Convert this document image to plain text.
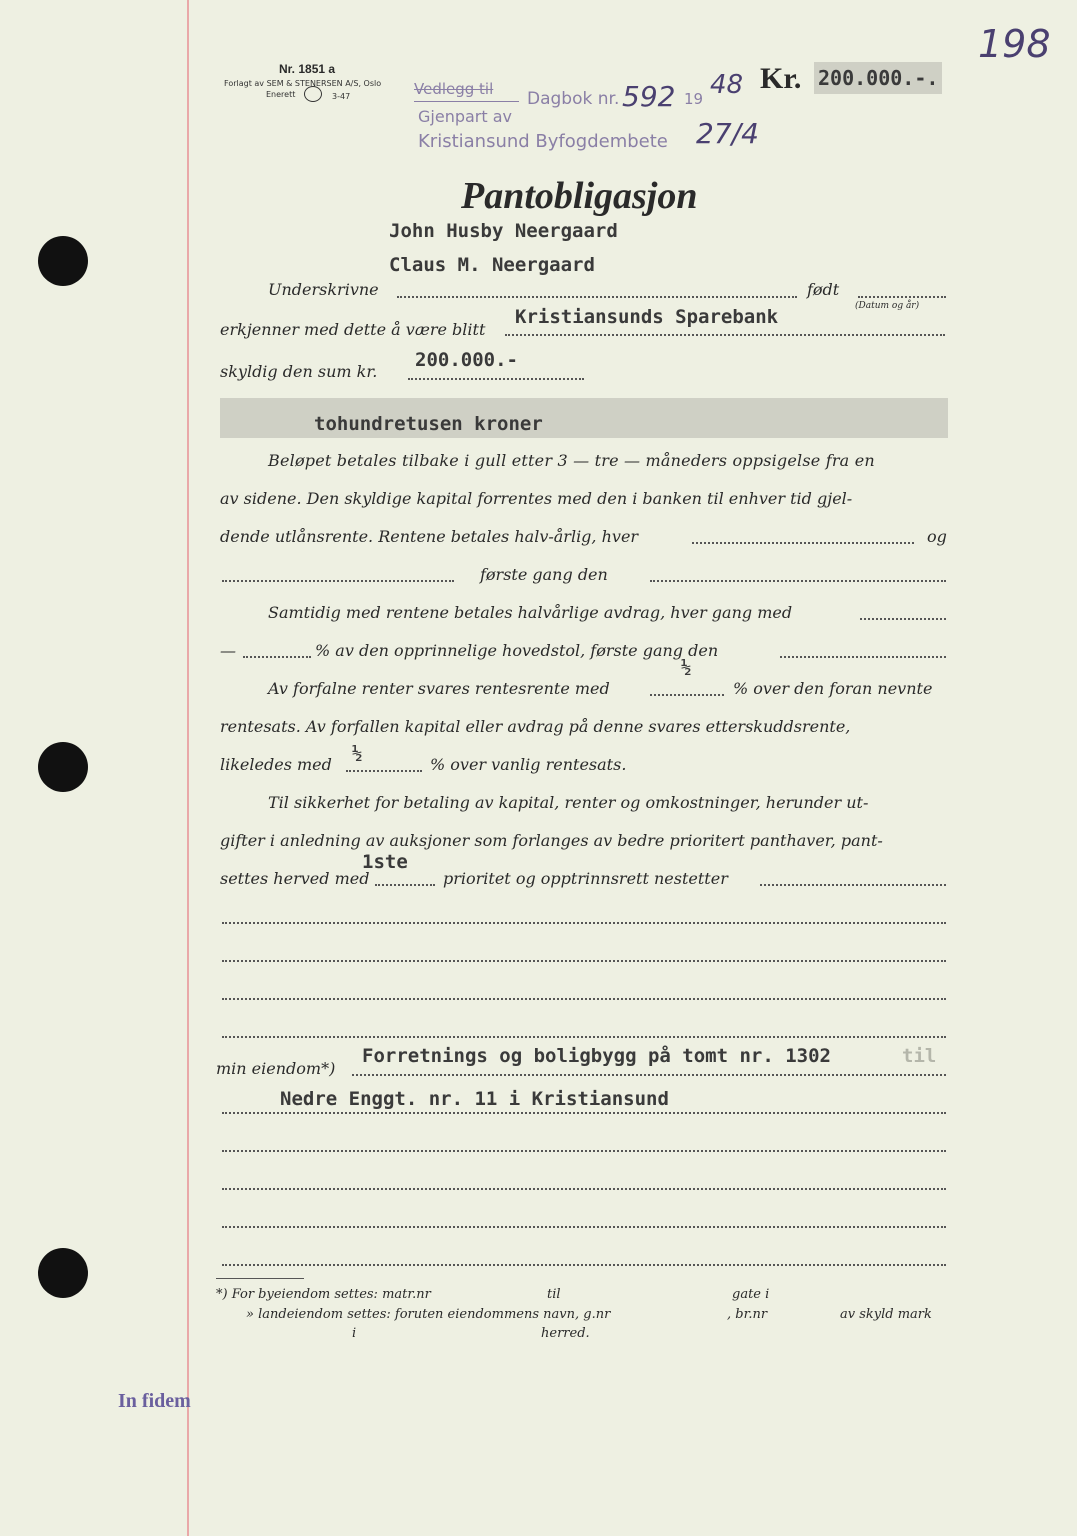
198
Nr. 1851 a
Forlagt av SEM & STENERSEN A/S, Oslo
Enerett	3-47	Vedlegg til Dagbok nr. 592 19 48
Gjenpart av
Kristiansund Byfogdembete 27/4
Kr. 200.000.-.
Pantobligasjon
John Husby Neergaard
Claus M. Neergaard
Underskrivne	født
(Datum og år)
erkjenner med dette å være blitt
Kristiansunds Sparebank
skyldig den sum kr.
200.000.-
tohundretusen kroner
Beløpet betales tilbake i gull etter 3 — tre — måneders oppsigelse fra en
av sidene. Den skyldige kapital forrentes med den i banken til enhver tid gjel-
dende utlånsrente. Rentene betales halv-årlig, hver	og
første gang den
Samtidig med rentene betales halvårlige avdrag, hver gang med
—	% av den opprinnelige hovedstol, første gang den
½
Av forfalne renter svares rentesrente med	% over den foran nevnte
rentesats. Av forfallen kapital eller avdrag på denne svares etterskuddsrente,
likeledes med
½
% over vanlig rentesats.
Til sikkerhet for betaling av kapital, renter og omkostninger, herunder ut-
gifter i anledning av auksjoner som forlanges av bedre prioritert panthaver, pant-
1ste
settes herved med	prioritet og opptrinnsrett nestetter
min eiendom*)
Forretnings og boligbygg på tomt nr. 1302	til
Nedre Enggt. nr. 11 i Kristiansund
*) For byeiendom settes: matr.nr	til	gate i
» landeiendom settes: foruten eiendommens navn, g.nr	, br.nr	av skyld mark
i	herred.
In fidem
